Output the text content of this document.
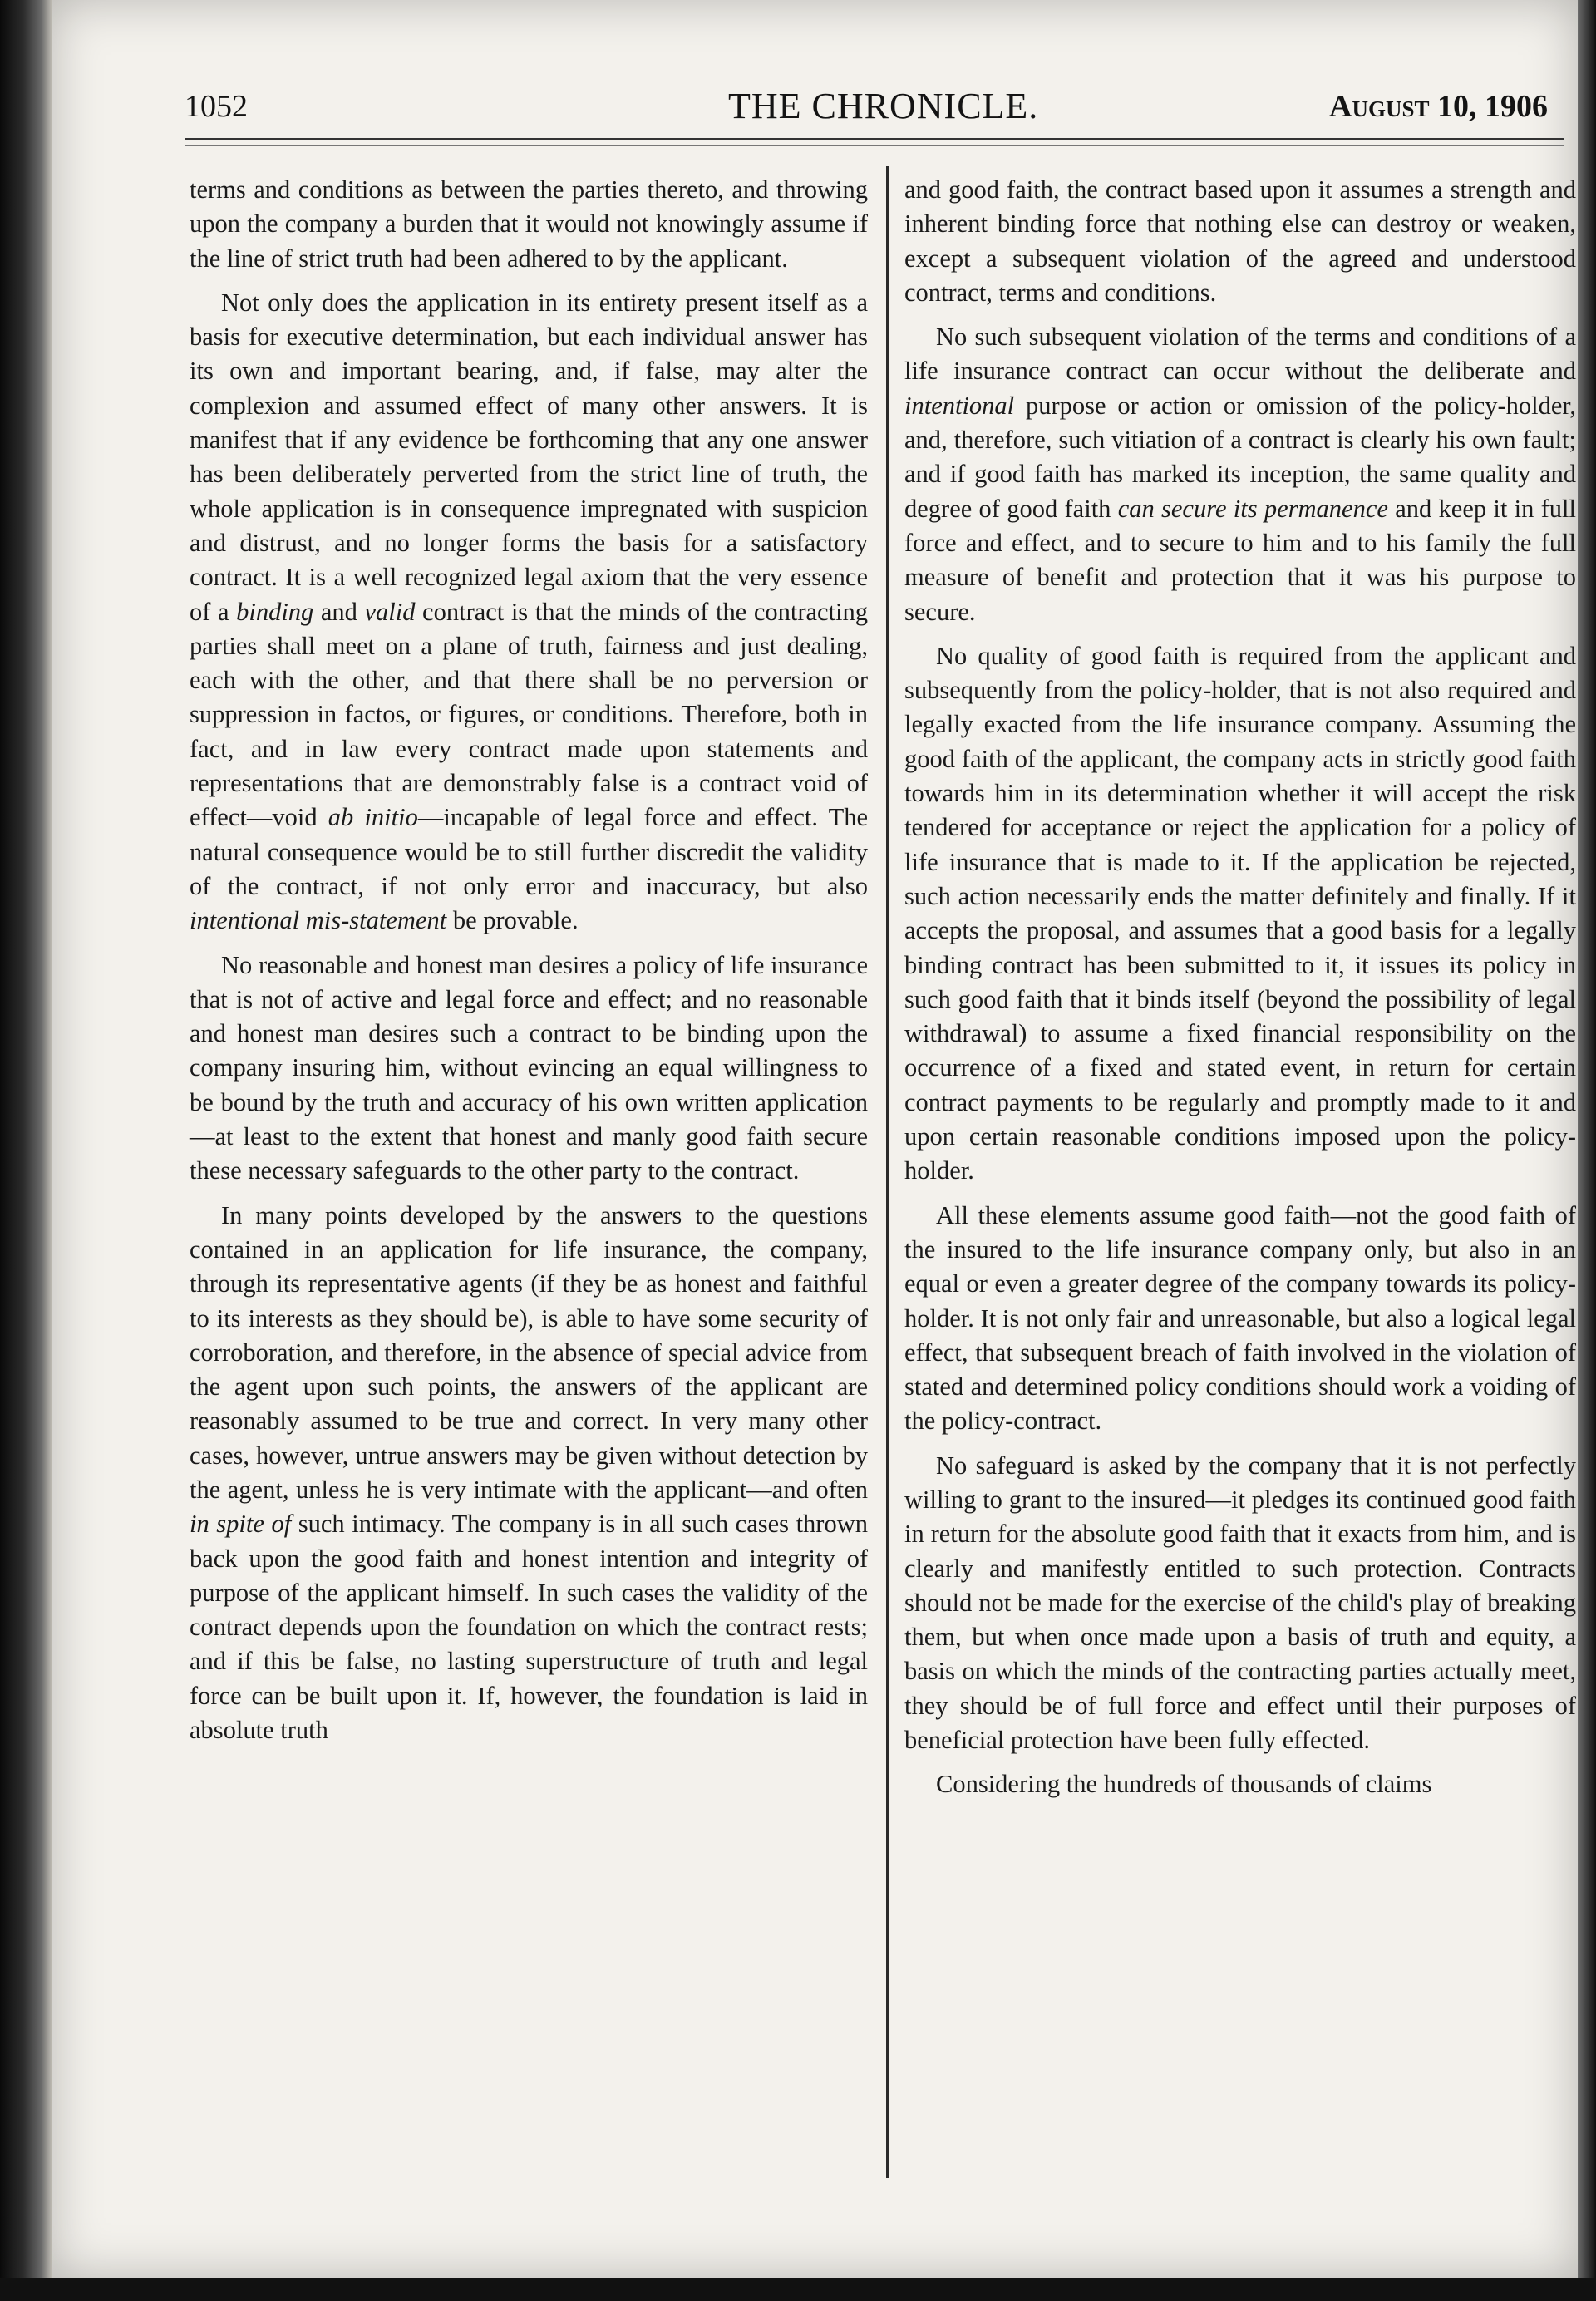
1052	THE CHRONICLE.	August 10, 1906

terms and conditions as between the parties thereto, and throwing upon the company a burden that it would not knowingly assume if the line of strict truth had been adhered to by the applicant.

Not only does the application in its entirety present itself as a basis for executive determination, but each individual answer has its own and important bearing, and, if false, may alter the complexion and assumed effect of many other answers. It is manifest that if any evidence be forthcoming that any one answer has been deliberately perverted from the strict line of truth, the whole application is in consequence impregnated with suspicion and distrust, and no longer forms the basis for a satisfactory contract. It is a well recognized legal axiom that the very essence of a binding and valid contract is that the minds of the contracting parties shall meet on a plane of truth, fairness and just dealing, each with the other, and that there shall be no perversion or suppression in factos, or figures, or conditions. Therefore, both in fact, and in law every contract made upon statements and representations that are demonstrably false is a contract void of effect—void ab initio—incapable of legal force and effect. The natural consequence would be to still further discredit the validity of the contract, if not only error and inaccuracy, but also intentional mis-statement be provable.

No reasonable and honest man desires a policy of life insurance that is not of active and legal force and effect; and no reasonable and honest man desires such a contract to be binding upon the company insuring him, without evincing an equal willingness to be bound by the truth and accuracy of his own written application—at least to the extent that honest and manly good faith secure these necessary safeguards to the other party to the contract.

In many points developed by the answers to the questions contained in an application for life insurance, the company, through its representative agents (if they be as honest and faithful to its interests as they should be), is able to have some security of corroboration, and therefore, in the absence of special advice from the agent upon such points, the answers of the applicant are reasonably assumed to be true and correct. In very many other cases, however, untrue answers may be given without detection by the agent, unless he is very intimate with the applicant—and often in spite of such intimacy. The company is in all such cases thrown back upon the good faith and honest intention and integrity of purpose of the applicant himself. In such cases the validity of the contract depends upon the foundation on which the contract rests; and if this be false, no lasting superstructure of truth and legal force can be built upon it. If, however, the foundation is laid in absolute truth

and good faith, the contract based upon it assumes a strength and inherent binding force that nothing else can destroy or weaken, except a subsequent violation of the agreed and understood contract, terms and conditions.

No such subsequent violation of the terms and conditions of a life insurance contract can occur without the deliberate and intentional purpose or action or omission of the policy-holder, and, therefore, such vitiation of a contract is clearly his own fault; and if good faith has marked its inception, the same quality and degree of good faith can secure its permanence and keep it in full force and effect, and to secure to him and to his family the full measure of benefit and protection that it was his purpose to secure.

No quality of good faith is required from the applicant and subsequently from the policy-holder, that is not also required and legally exacted from the life insurance company. Assuming the good faith of the applicant, the company acts in strictly good faith towards him in its determination whether it will accept the risk tendered for acceptance or reject the application for a policy of life insurance that is made to it. If the application be rejected, such action necessarily ends the matter definitely and finally. If it accepts the proposal, and assumes that a good basis for a legally binding contract has been submitted to it, it issues its policy in such good faith that it binds itself (beyond the possibility of legal withdrawal) to assume a fixed financial responsibility on the occurrence of a fixed and stated event, in return for certain contract payments to be regularly and promptly made to it and upon certain reasonable conditions imposed upon the policy-holder.

All these elements assume good faith—not the good faith of the insured to the life insurance company only, but also in an equal or even a greater degree of the company towards its policy-holder. It is not only fair and unreasonable, but also a logical legal effect, that subsequent breach of faith involved in the violation of stated and determined policy conditions should work a voiding of the policy-contract.

No safeguard is asked by the company that it is not perfectly willing to grant to the insured—it pledges its continued good faith in return for the absolute good faith that it exacts from him, and is clearly and manifestly entitled to such protection. Contracts should not be made for the exercise of the child's play of breaking them, but when once made upon a basis of truth and equity, a basis on which the minds of the contracting parties actually meet, they should be of full force and effect until their purposes of beneficial protection have been fully effected.

Considering the hundreds of thousands of claims
